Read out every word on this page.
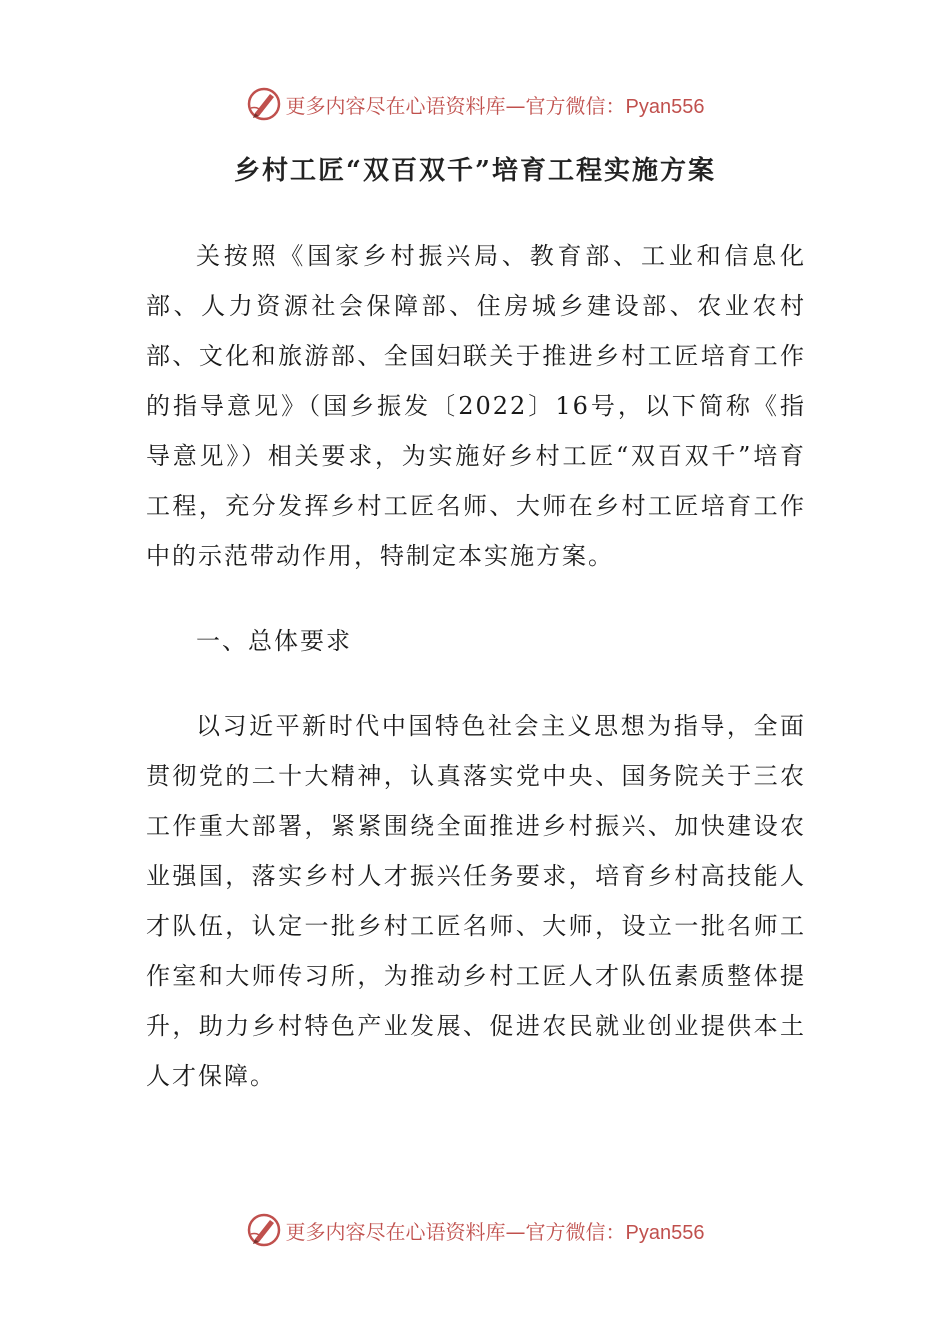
更多内容尽在心语资料库—官方微信：Pyan556
乡村工匠“双百双千”培育工程实施方案

关按照《国家乡村振兴局、教育部、工业和信息化部、人力资源社会保障部、住房城乡建设部、农业农村部、文化和旅游部、全国妇联关于推进乡村工匠培育工作的指导意见》（国乡振发〔2022〕16号，以下简称《指导意见》）相关要求，为实施好乡村工匠“双百双千”培育工程，充分发挥乡村工匠名师、大师在乡村工匠培育工作中的示范带动作用，特制定本实施方案。

一、总体要求

以习近平新时代中国特色社会主义思想为指导，全面贯彻党的二十大精神，认真落实党中央、国务院关于三农工作重大部署，紧紧围绕全面推进乡村振兴、加快建设农业强国，落实乡村人才振兴任务要求，培育乡村高技能人才队伍，认定一批乡村工匠名师、大师，设立一批名师工作室和大师传习所，为推动乡村工匠人才队伍素质整体提升，助力乡村特色产业发展、促进农民就业创业提供本土人才保障。

更多内容尽在心语资料库—官方微信：Pyan556
